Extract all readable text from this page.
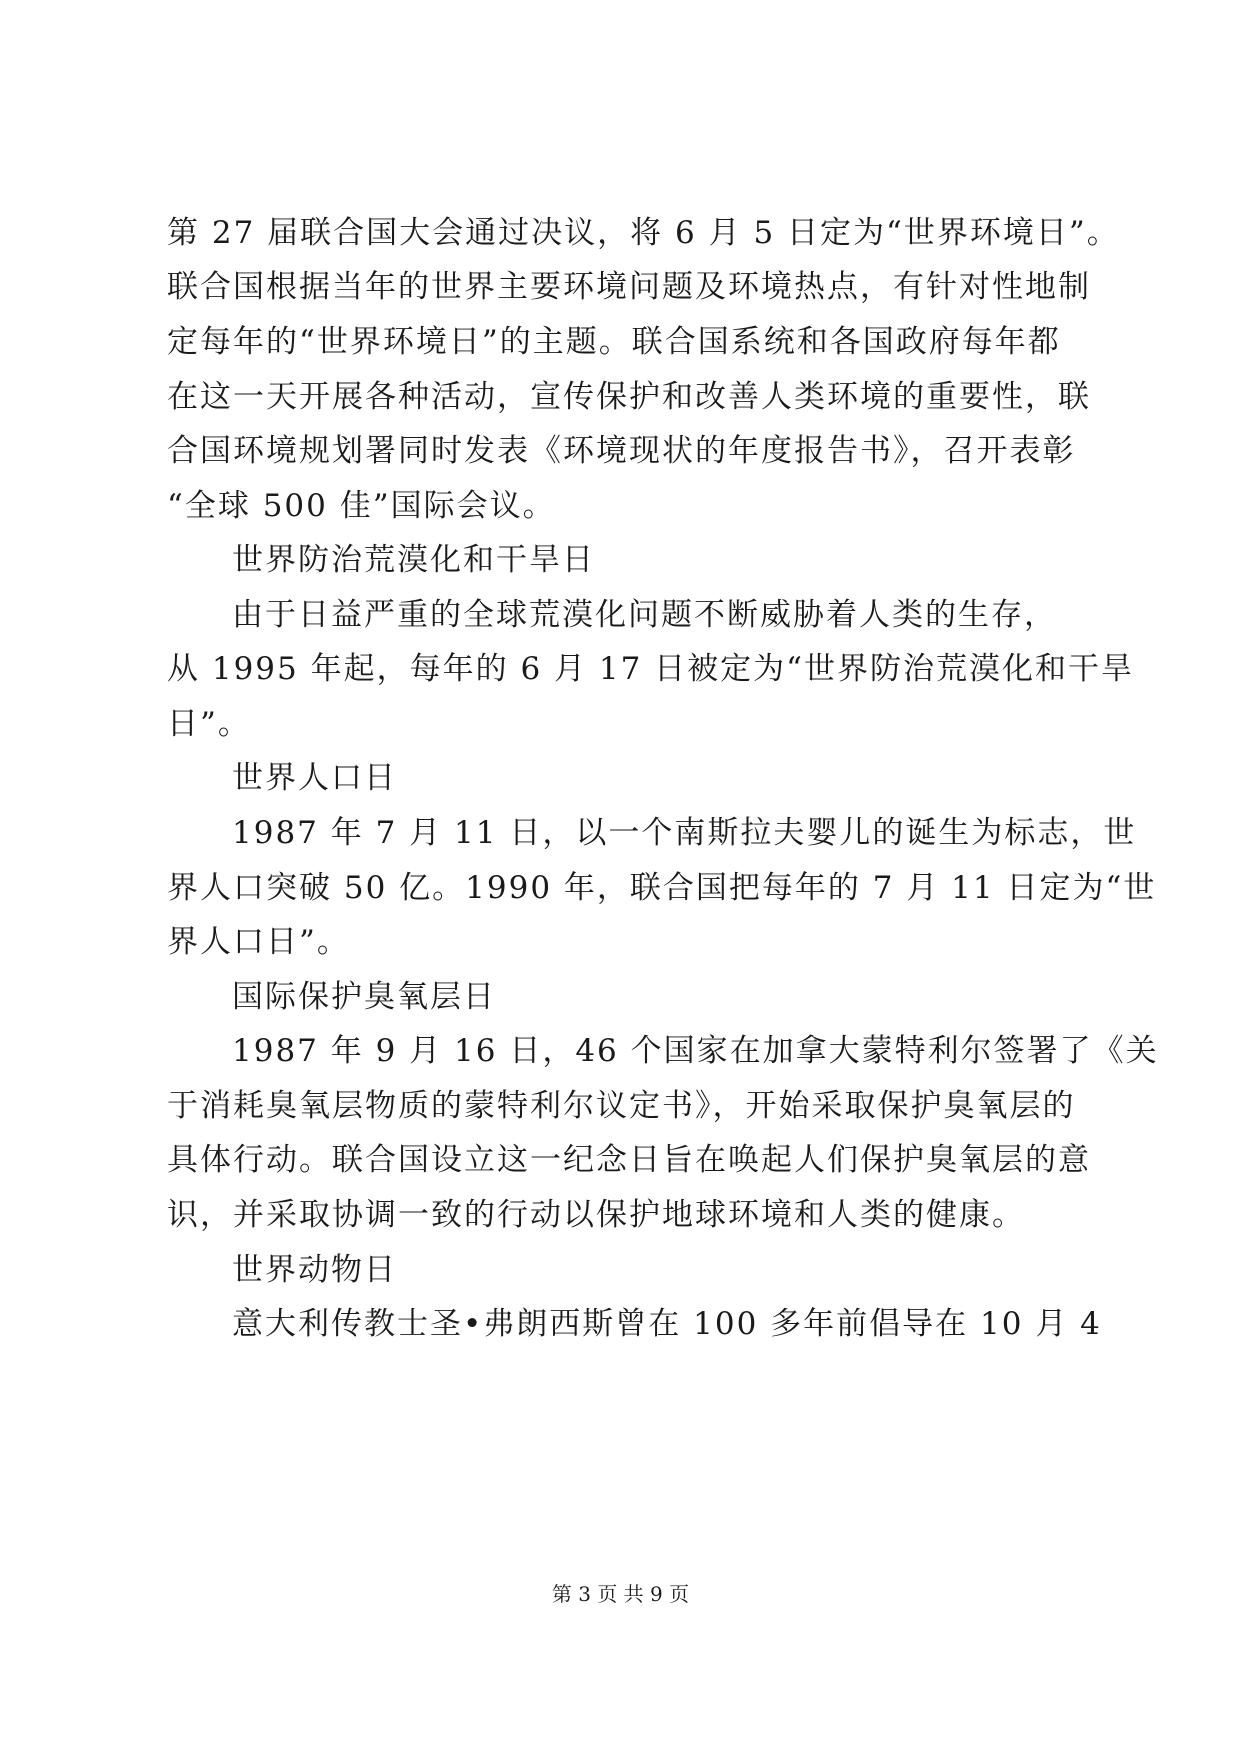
第 27 届联合国大会通过决议，将 6 月 5 日定为“世界环境日”。
联合国根据当年的世界主要环境问题及环境热点，有针对性地制
定每年的“世界环境日”的主题。联合国系统和各国政府每年都
在这一天开展各种活动，宣传保护和改善人类环境的重要性，联
合国环境规划署同时发表《环境现状的年度报告书》，召开表彰
“全球 500 佳”国际会议。
世界防治荒漠化和干旱日
由于日益严重的全球荒漠化问题不断威胁着人类的生存，
从 1995 年起，每年的 6 月 17 日被定为“世界防治荒漠化和干旱
日”。
世界人口日
1987 年 7 月 11 日，以一个南斯拉夫婴儿的诞生为标志，世
界人口突破 50 亿。1990 年，联合国把每年的 7 月 11 日定为“世
界人口日”。
国际保护臭氧层日
1987 年 9 月 16 日，46 个国家在加拿大蒙特利尔签署了《关
于消耗臭氧层物质的蒙特利尔议定书》，开始采取保护臭氧层的
具体行动。联合国设立这一纪念日旨在唤起人们保护臭氧层的意
识，并采取协调一致的行动以保护地球环境和人类的健康。
世界动物日
意大利传教士圣•弗朗西斯曾在 100 多年前倡导在 10 月 4
第 3 页 共 9 页
